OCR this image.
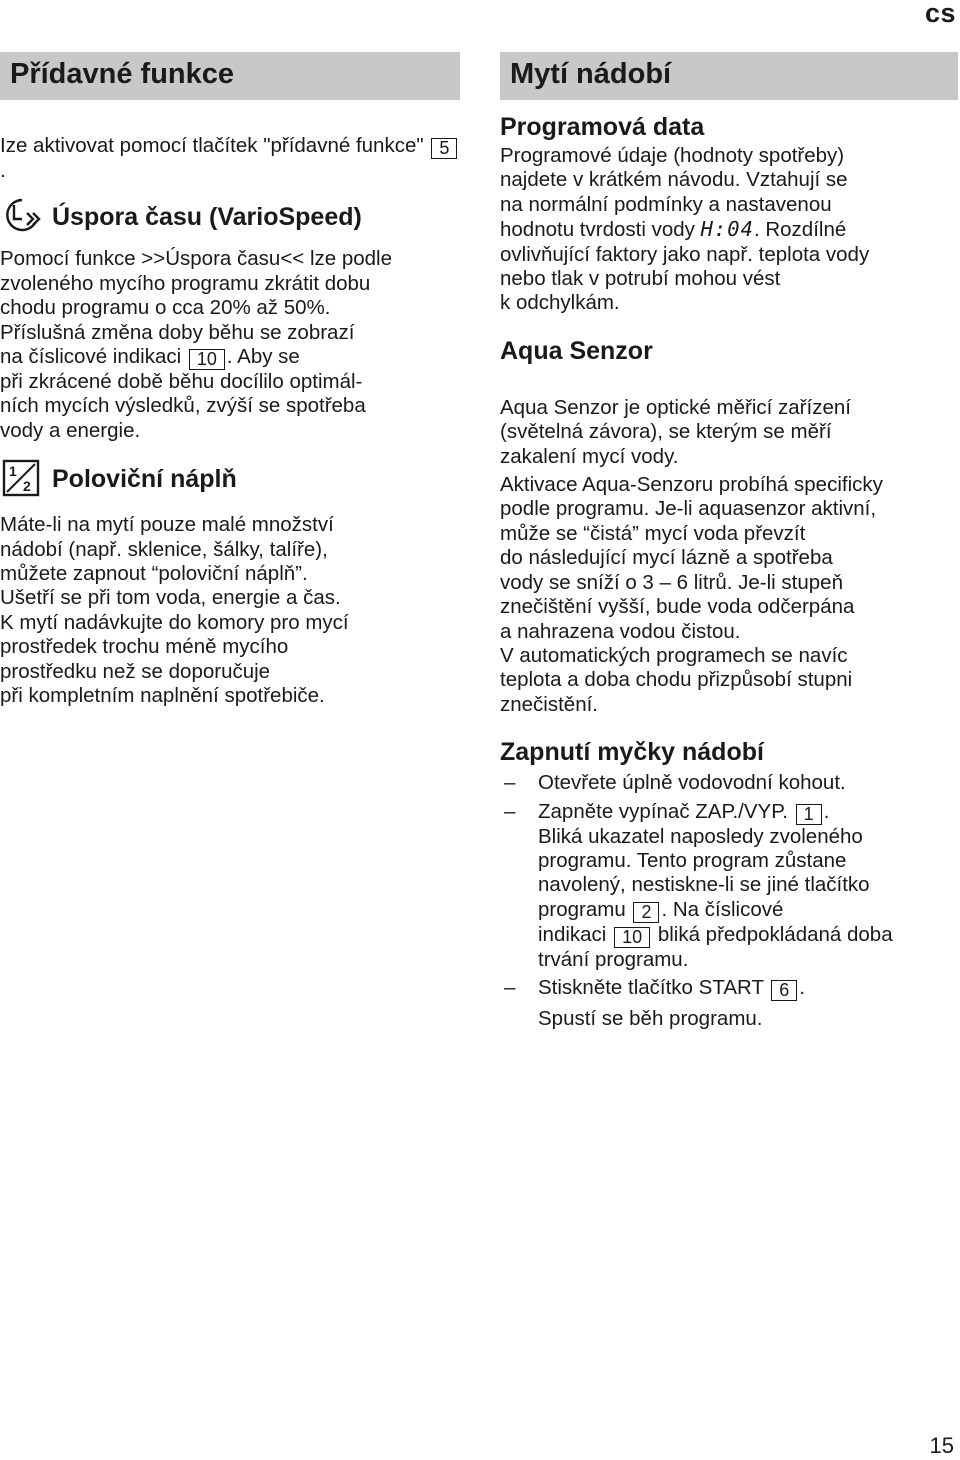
cs
Přídavné funkce

Ize aktivovat pomocí tlačítek "přídavné funkce" 5.

Úspora času (VarioSpeed)

Pomocí funkce >>Úspora času<< lze podle

zvoleného mycího programu zkrátit dobu

chodu programu o cca 20% až 50%.

Příslušná změna doby běhu se zobrazí

na číslicové indikaci 10 . Aby se

při zkrácené době běhu docílilo optimál-

ních mycích výsledků, zvýší se spotřeba

vody a energie.

1
2 Poloviční náplň

Máte-li na mytí pouze malé množství

nádobí (např. sklenice, šálky, talíře),

můžete zapnout “poloviční náplň”.

Ušetří se při tom voda, energie a čas.

K mytí nadávkujte do komory pro mycí

prostředek trochu méně mycího

prostředku než se doporučuje

při kompletním naplnění spotřebiče.

Mytí nádobí

Programová data

Programové údaje (hodnoty spotřeby)

najdete v krátkém návodu. Vztahují se

na normální podmínky a nastavenou

hodnotu tvrdosti vody H:04. Rozdílné

ovlivňující faktory jako např. teplota vody

nebo tlak v potrubí mohou vést

k odchylkám.

Aqua Senzor

Aqua Senzor je optické měřicí zařízení

(světelná závora), se kterým se měří

zakalení mycí vody.

Aktivace Aqua-Senzoru probíhá specificky

podle programu. Je-li aquasenzor aktivní,

může se “čistá” mycí voda převzít

do následující mycí lázně a spotřeba

vody se sníží o 3 – 6 litrů. Je-li stupeň

znečištění vyšší, bude voda odčerpána

a nahrazena vodou čistou.

V automatických programech se navíc

teplota a doba chodu přizpůsobí stupni

znečistění.

Zapnutí myčky nádobí

– Otevřete úplně vodovodní kohout.
– Zapněte vypínač ZAP./VYP. 1 .
Bliká ukazatel naposledy zvoleného
programu. Tento program zůstane
navolený, nestiskne-li se jiné tlačítko
programu 2 . Na číslicové
indikaci 10 bliká předpokládaná doba
trvání programu.
– Stiskněte tlačítko START 6 .
Spustí se běh programu.
15
